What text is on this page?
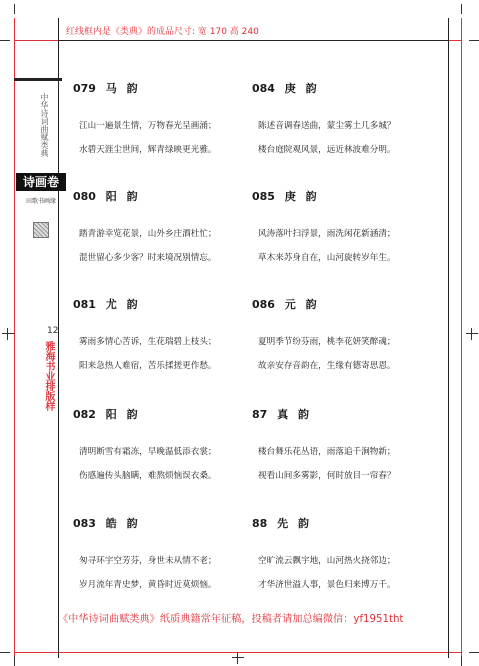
红线框内是《类典》的成品尺寸: 宽 170 高 240
中华诗词曲赋类典
诗画卷
田歌书画缘
12
雅海书业排版样
079 马 韵
江山一遍景生情，万物春光呈画涌；
水碧天涯尘世间，辉青绿映更光雅。
080 阳 韵
踏青游幸览花景，山外乡庄酒杜忙；
混世留心多少客？时来境况别情忘。
081 尤 韵
雾雨多情心苦诉，生花瑞碧上枝头；
阳来急热人难宿，苦乐揉搓更作愁。
082 阳 韵
清明断雪有霜冻，早晚温低添衣裳；
伤感遍传头脑瞒，难熬烦恼误衣桑。
083 皓 韵
匆寻环宇空芳芬，身世未从情不老；
岁月流年青史梦，黄昏时近莫烦恼。
084 庚 韵
陈述音调春送曲，蒙尘雾土几多城？
楼台庭院观风景，远近林波难分明。
085 庚 韵
风涛落叶扫浮景，雨洗闲花新涵清；
草木来苏身自在，山河旋转岁年生。
086 元 韵
夏明季节纷芬雨，桃李花妍笑醉魂；
故亲安存音韵在，生缘有德寄思恩。
87 真 韵
楼台舞乐花丛语，雨落追千涧物新；
视看山间多雾影，何时放目一帘春？
88 先 韵
空旷流云飘宇地，山河热火挠邻边；
才华济世溢人事，景色归来博万千。
《中华诗词曲赋类典》纸质典籍常年征稿，投稿者请加总编微信：yf1951tht
